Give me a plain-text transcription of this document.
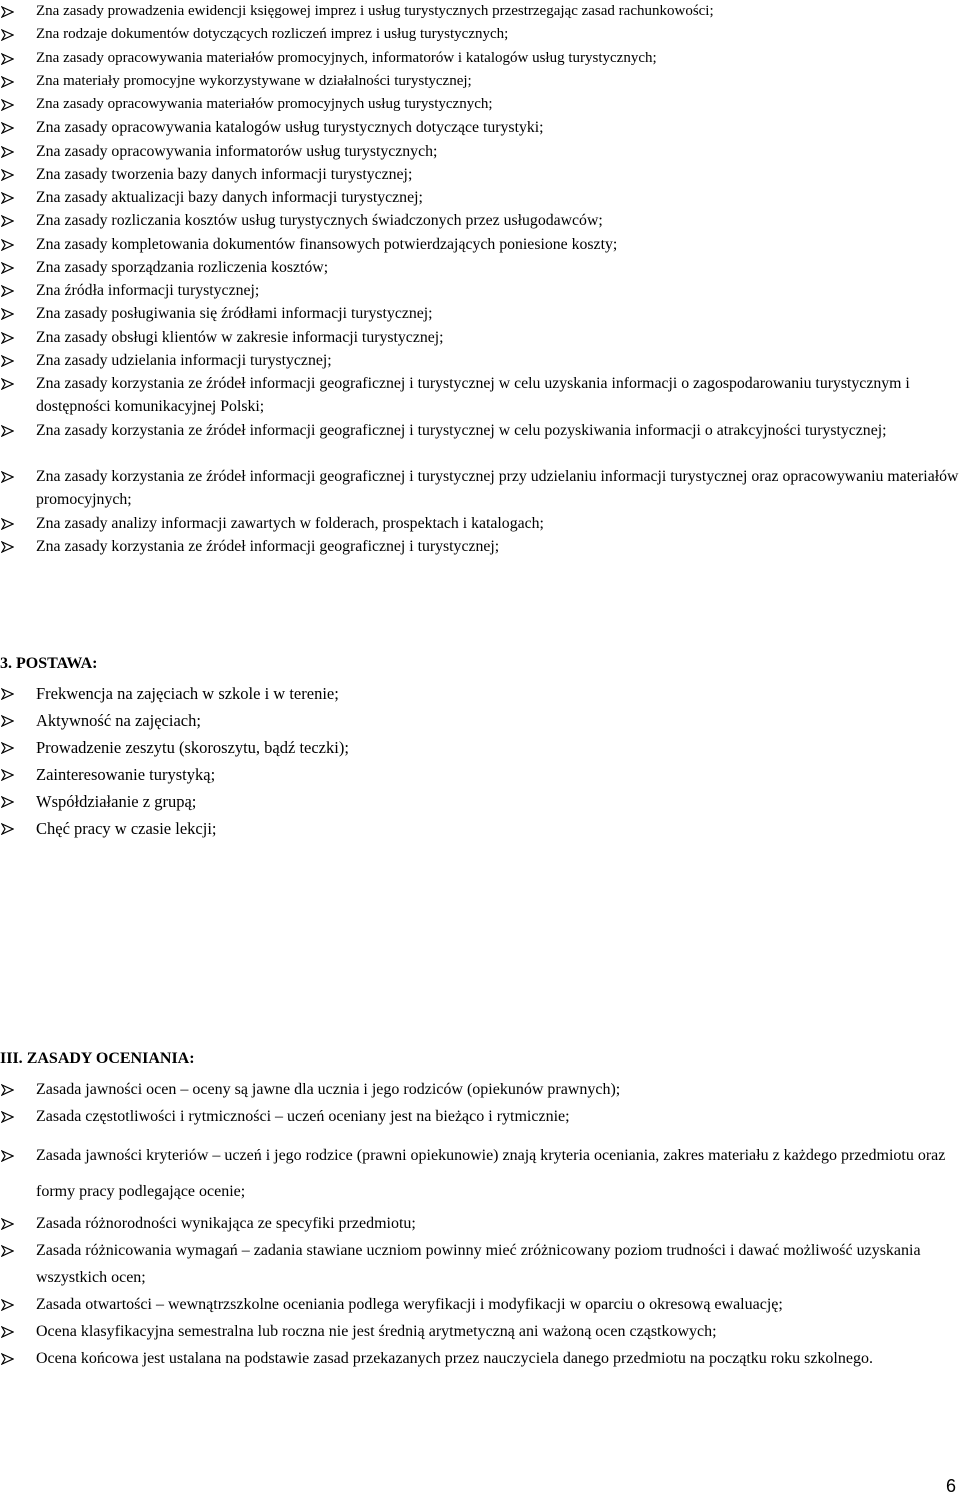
Zna zasady prowadzenia ewidencji księgowej imprez i usług turystycznych przestrzegając zasad rachunkowości;
Zna rodzaje dokumentów dotyczących rozliczeń imprez i usług turystycznych;
Zna zasady opracowywania materiałów promocyjnych, informatorów i katalogów usług turystycznych;
Zna materiały promocyjne wykorzystywane w działalności turystycznej;
Zna zasady opracowywania materiałów promocyjnych usług turystycznych;
Zna zasady opracowywania katalogów usług turystycznych dotyczące turystyki;
Zna zasady opracowywania informatorów usług turystycznych;
Zna zasady tworzenia bazy danych informacji turystycznej;
Zna zasady aktualizacji bazy danych informacji turystycznej;
Zna zasady rozliczania kosztów usług turystycznych świadczonych przez usługodawców;
Zna zasady kompletowania dokumentów finansowych potwierdzających poniesione koszty;
Zna zasady sporządzania rozliczenia kosztów;
Zna źródła informacji turystycznej;
Zna zasady posługiwania się źródłami informacji turystycznej;
Zna zasady obsługi klientów w zakresie informacji turystycznej;
Zna zasady udzielania informacji turystycznej;
Zna zasady korzystania ze źródeł informacji geograficznej i turystycznej w celu uzyskania informacji o zagospodarowaniu turystycznym i dostępności komunikacyjnej Polski;
Zna zasady korzystania ze źródeł informacji geograficznej i turystycznej w celu pozyskiwania informacji o atrakcyjności turystycznej;
Zna zasady korzystania ze źródeł informacji geograficznej i turystycznej przy udzielaniu informacji turystycznej oraz opracowywaniu materiałów promocyjnych;
Zna zasady analizy informacji zawartych w folderach, prospektach i katalogach;
Zna zasady korzystania ze źródeł informacji geograficznej i turystycznej;
3. POSTAWA:
Frekwencja na zajęciach w szkole i w terenie;
Aktywność na zajęciach;
Prowadzenie zeszytu (skoroszytu, bądź teczki);
Zainteresowanie turystyką;
Współdziałanie z grupą;
Chęć pracy w czasie lekcji;
III. ZASADY OCENIANIA:
Zasada jawności ocen – oceny są jawne dla ucznia i jego rodziców (opiekunów prawnych);
Zasada częstotliwości i rytmiczności – uczeń oceniany jest na bieżąco i rytmicznie;
Zasada jawności kryteriów – uczeń i jego rodzice (prawni opiekunowie) znają kryteria oceniania, zakres materiału z każdego przedmiotu oraz formy pracy podlegające ocenie;
Zasada różnorodności wynikająca ze specyfiki przedmiotu;
Zasada różnicowania wymagań – zadania stawiane uczniom powinny mieć zróżnicowany poziom trudności i dawać możliwość uzyskania wszystkich ocen;
Zasada otwartości – wewnątrzszkolne oceniania podlega weryfikacji i modyfikacji w oparciu o okresową ewaluację;
Ocena klasyfikacyjna semestralna lub roczna nie jest średnią arytmetyczną ani ważoną ocen cząstkowych;
Ocena końcowa jest ustalana na podstawie zasad przekazanych przez nauczyciela danego przedmiotu na początku roku szkolnego.
6
